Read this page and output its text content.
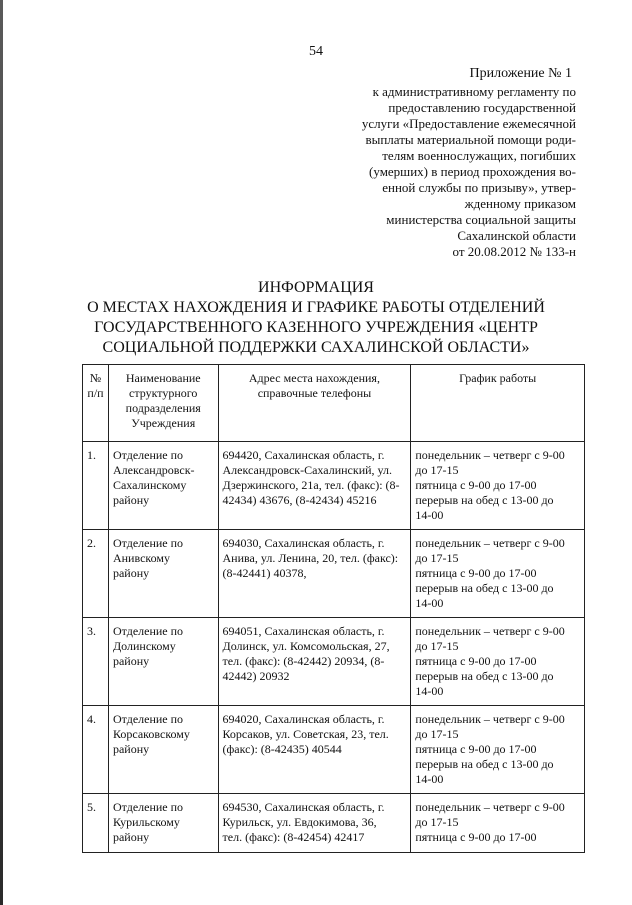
54
Приложение № 1
к административному регламенту по
предоставлению государственной
услуги «Предоставление ежемесячной
выплаты материальной помощи роди-
телям военнослужащих, погибших
(умерших) в период прохождения во-
енной службы по призыву», утвер-
жденному приказом
министерства социальной защиты
Сахалинской области
от 20.08.2012 № 133-н
ИНФОРМАЦИЯ
О МЕСТАХ НАХОЖДЕНИЯ И ГРАФИКЕ РАБОТЫ ОТДЕЛЕНИЙ
ГОСУДАРСТВЕННОГО КАЗЕННОГО УЧРЕЖДЕНИЯ «ЦЕНТР
СОЦИАЛЬНОЙ ПОДДЕРЖКИ САХАЛИНСКОЙ ОБЛАСТИ»
№
п/п	Наименование
структурного
подразделения
Учреждения	Адрес места нахождения,
справочные телефоны	График работы

1.	Отделение по
Александровск-
Сахалинскому
району	694420, Сахалинская область, г.
Александровск-Сахалинский, ул.
Дзержинского, 21а, тел. (факс): (8-
42434) 43676, (8-42434) 45216	понедельник – четверг с 9-00
до 17-15
пятница с 9-00 до 17-00
перерыв на обед с 13-00 до
14-00

2.	Отделение по
Анивскому
району	694030, Сахалинская область, г.
Анива, ул. Ленина, 20, тел. (факс):
(8-42441) 40378,	понедельник – четверг с 9-00
до 17-15
пятница с 9-00 до 17-00
перерыв на обед с 13-00 до
14-00

3.	Отделение по
Долинскому
району	694051, Сахалинская область, г.
Долинск, ул. Комсомольская, 27,
тел. (факс): (8-42442) 20934, (8-
42442) 20932	понедельник – четверг с 9-00
до 17-15
пятница с 9-00 до 17-00
перерыв на обед с 13-00 до
14-00

4.	Отделение по
Корсаковскому
району	694020, Сахалинская область, г.
Корсаков, ул. Советская, 23, тел.
(факс): (8-42435) 40544	понедельник – четверг с 9-00
до 17-15
пятница с 9-00 до 17-00
перерыв на обед с 13-00 до
14-00

5.	Отделение по
Курильскому
району	694530, Сахалинская область, г.
Курильск, ул. Евдокимова, 36,
тел. (факс): (8-42454) 42417	понедельник – четверг с 9-00
до 17-15
пятница с 9-00 до 17-00
